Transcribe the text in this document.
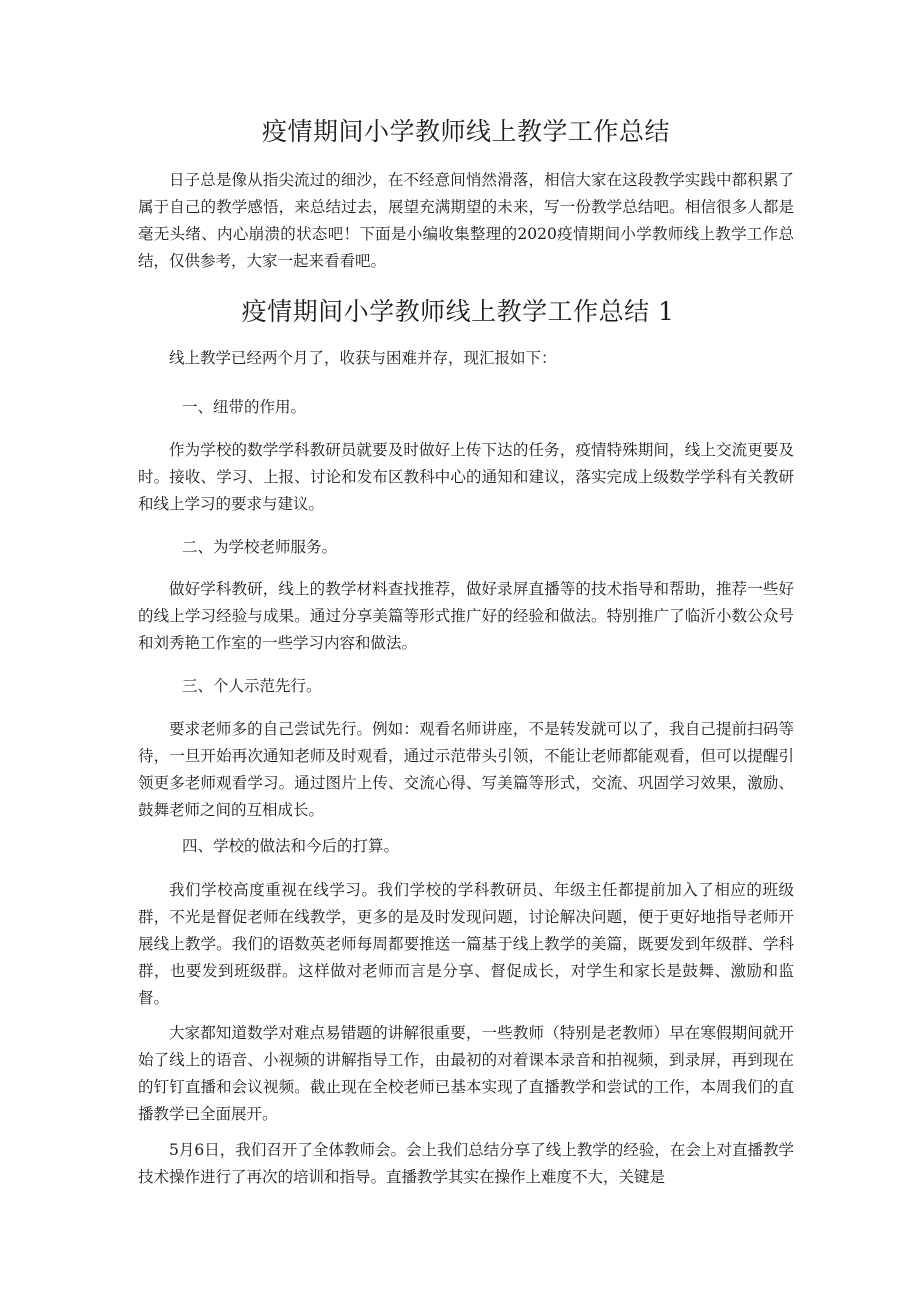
疫情期间小学教师线上教学工作总结

日子总是像从指尖流过的细沙，在不经意间悄然滑落，相信大家在这段教学实践中都积累了属于自己的教学感悟，来总结过去，展望充满期望的未来，写一份教学总结吧。相信很多人都是毫无头绪、内心崩溃的状态吧！下面是小编收集整理的2020疫情期间小学教师线上教学工作总结，仅供参考，大家一起来看看吧。

疫情期间小学教师线上教学工作总结 1

线上教学已经两个月了，收获与困难并存，现汇报如下：

一、纽带的作用。

作为学校的数学学科教研员就要及时做好上传下达的任务，疫情特殊期间，线上交流更要及时。接收、学习、上报、讨论和发布区教科中心的通知和建议，落实完成上级数学学科有关教研和线上学习的要求与建议。

二、为学校老师服务。

做好学科教研，线上的教学材料查找推荐，做好录屏直播等的技术指导和帮助，推荐一些好的线上学习经验与成果。通过分享美篇等形式推广好的经验和做法。特别推广了临沂小数公众号和刘秀艳工作室的一些学习内容和做法。

三、个人示范先行。

要求老师多的自己尝试先行。例如：观看名师讲座，不是转发就可以了，我自己提前扫码等待，一旦开始再次通知老师及时观看，通过示范带头引领，不能让老师都能观看，但可以提醒引领更多老师观看学习。通过图片上传、交流心得、写美篇等形式，交流、巩固学习效果，激励、鼓舞老师之间的互相成长。

四、学校的做法和今后的打算。

我们学校高度重视在线学习。我们学校的学科教研员、年级主任都提前加入了相应的班级群，不光是督促老师在线教学，更多的是及时发现问题，讨论解决问题，便于更好地指导老师开展线上教学。我们的语数英老师每周都要推送一篇基于线上教学的美篇，既要发到年级群、学科群，也要发到班级群。这样做对老师而言是分享、督促成长，对学生和家长是鼓舞、激励和监督。

大家都知道数学对难点易错题的讲解很重要，一些教师（特别是老教师）早在寒假期间就开始了线上的语音、小视频的讲解指导工作，由最初的对着课本录音和拍视频，到录屏，再到现在的钉钉直播和会议视频。截止现在全校老师已基本实现了直播教学和尝试的工作，本周我们的直播教学已全面展开。

5月6日，我们召开了全体教师会。会上我们总结分享了线上教学的经验，在会上对直播教学技术操作进行了再次的培训和指导。直播教学其实在操作上难度不大，关键是
